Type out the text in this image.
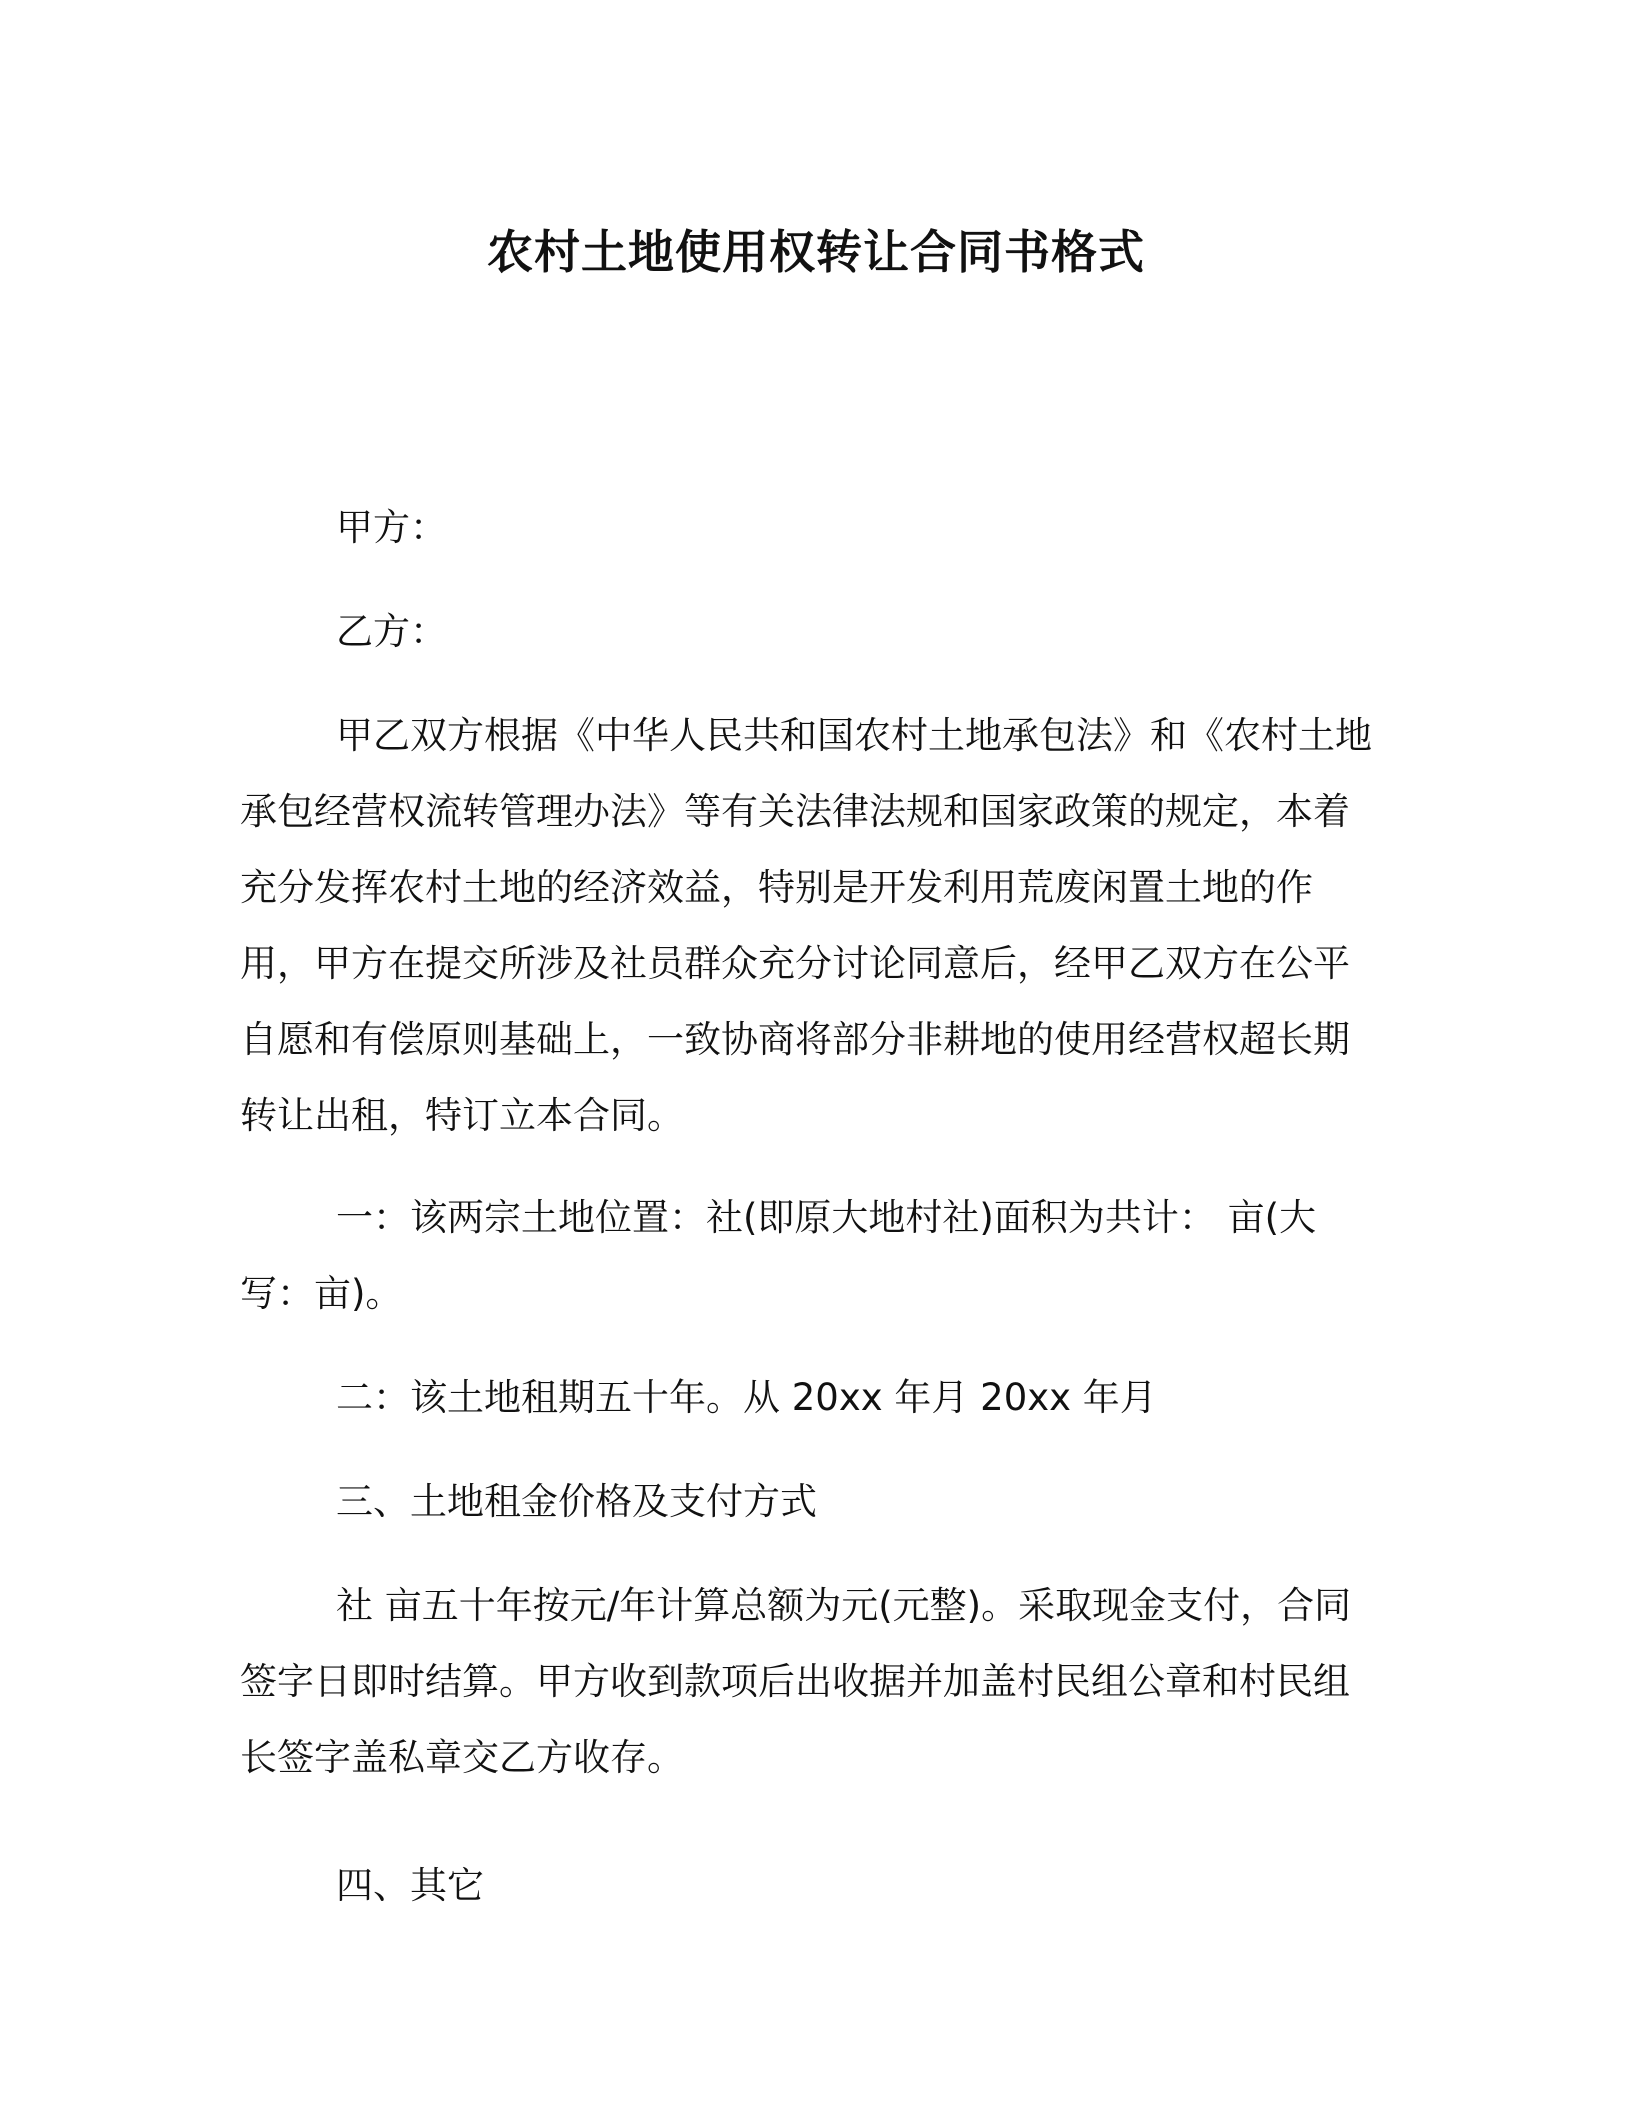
农村土地使用权转让合同书格式

甲方：

乙方：

甲乙双方根据《中华人民共和国农村土地承包法》和《农村土地承包经营权流转管理办法》等有关法律法规和国家政策的规定，本着充分发挥农村土地的经济效益，特别是开发利用荒废闲置土地的作用，甲方在提交所涉及社员群众充分讨论同意后，经甲乙双方在公平自愿和有偿原则基础上，一致协商将部分非耕地的使用经营权超长期转让出租，特订立本合同。

一：该两宗土地位置：社(即原大地村社)面积为共计： 亩(大写：亩)。

二：该土地租期五十年。从 20xx 年月 20xx 年月

三、土地租金价格及支付方式

社 亩五十年按元/年计算总额为元(元整)。采取现金支付，合同签字日即时结算。甲方收到款项后出收据并加盖村民组公章和村民组长签字盖私章交乙方收存。

四、其它
